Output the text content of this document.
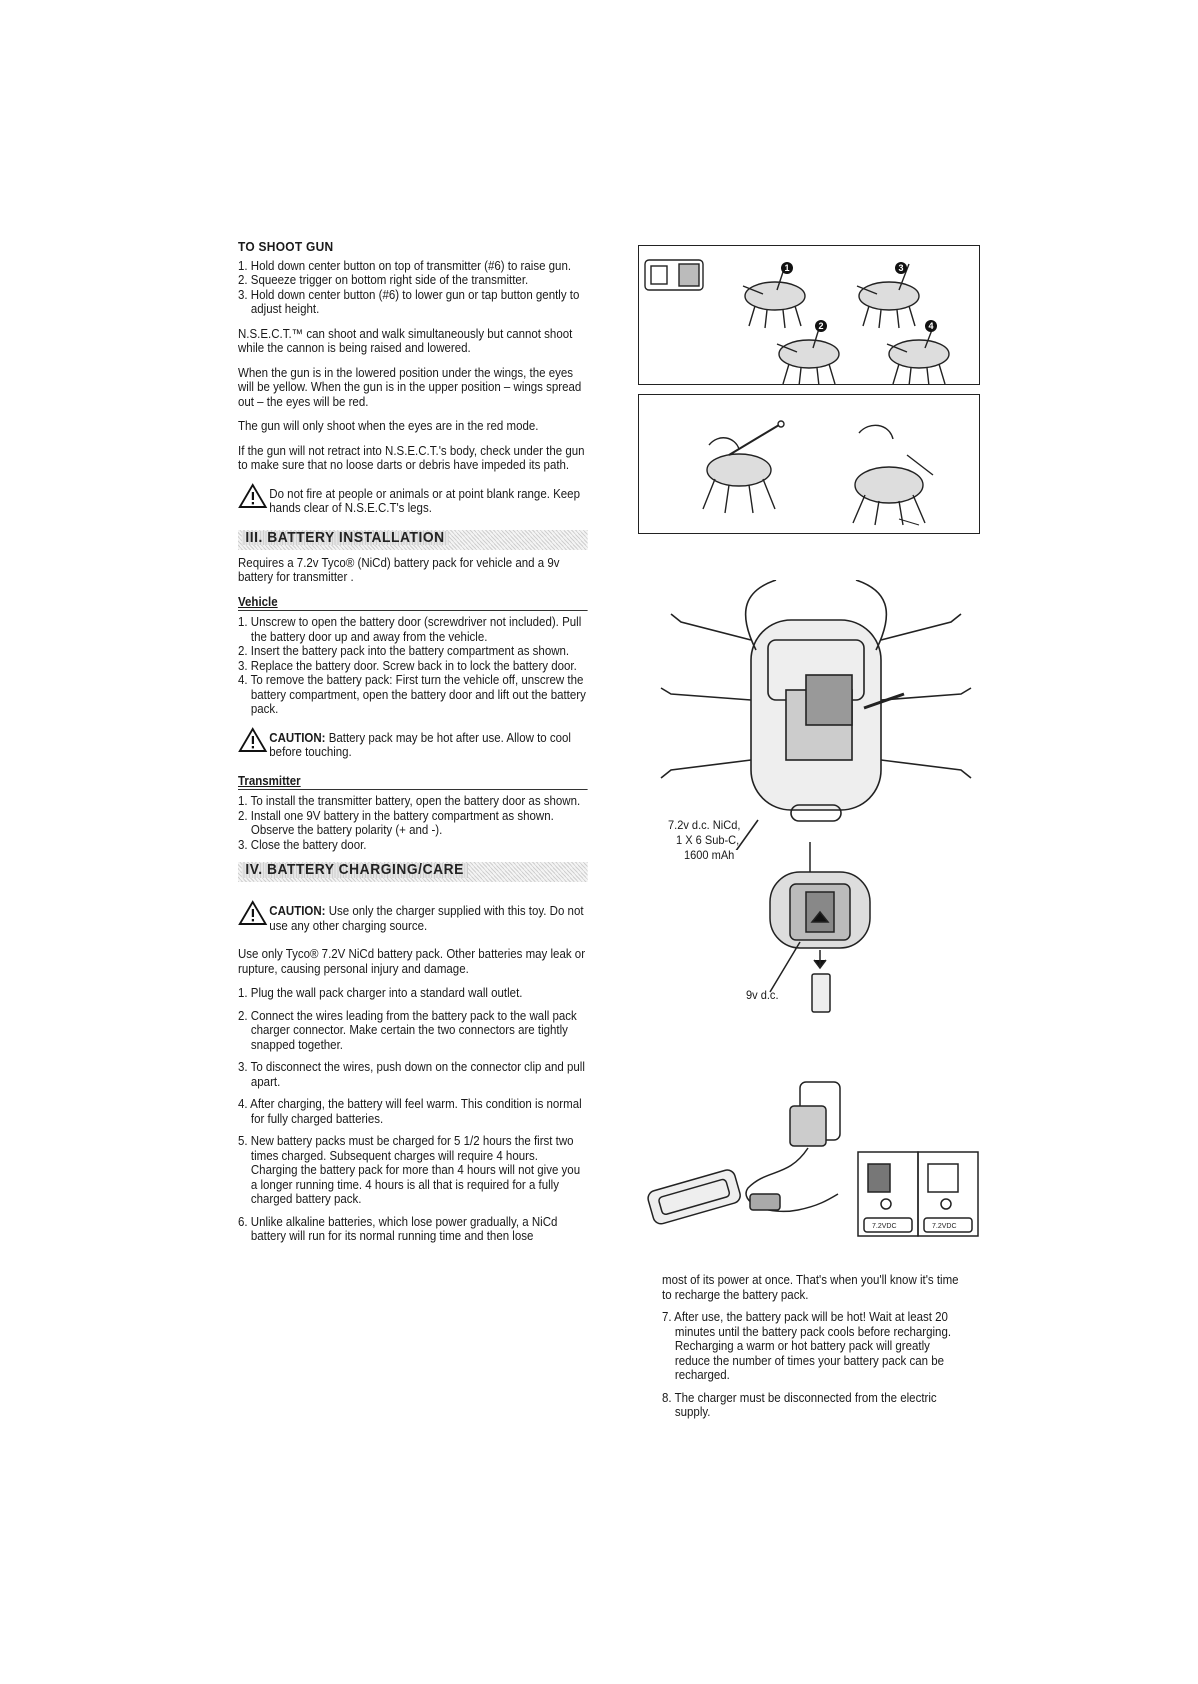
TO SHOOT GUN
1. Hold down center button on top of transmitter (#6) to raise gun.
2. Squeeze trigger on bottom right side of the transmitter.
3. Hold down center button (#6) to lower gun or tap button gently to adjust height.

N.S.E.C.T.™ can shoot and walk simultaneously but cannot shoot while the cannon is being raised and lowered.

When the gun is in the lowered position under the wings, the eyes will be yellow. When the gun is in the upper position – wings spread out – the eyes will be red.

The gun will only shoot when the eyes are in the red mode.

If the gun will not retract into N.S.E.C.T.'s body, check under the gun to make sure that no loose darts or debris have impeded its path.

Do not fire at people or animals or at point blank range. Keep hands clear of N.S.E.C.T's legs.
III. BATTERY INSTALLATION

Requires a 7.2v Tyco® (NiCd) battery pack for vehicle and a 9v battery for transmitter .

Vehicle
1. Unscrew to open the battery door (screwdriver not included). Pull the battery door up and away from the vehicle.
2. Insert the battery pack into the battery compartment as shown.
3. Replace the battery door. Screw back in to lock the battery door.
4. To remove the battery pack: First turn the vehicle off, unscrew the battery compartment, open the battery door and lift out the battery pack.
CAUTION: Battery pack may be hot after use. Allow to cool before touching.
Transmitter
1. To install the transmitter battery, open the battery door as shown.
2. Install one 9V battery in the battery compartment as shown. Observe the battery polarity (+ and -).
3. Close the battery door.
IV. BATTERY CHARGING/CARE
CAUTION: Use only the charger supplied with this toy. Do not use any other charging source.

Use only Tyco® 7.2V NiCd battery pack. Other batteries may leak or rupture, causing personal injury and damage.

1. Plug the wall pack charger into a standard wall outlet.
2. Connect the wires leading from the battery pack to the wall pack charger connector. Make certain the two connectors are tightly snapped together.
3. To disconnect the wires, push down on the connector clip and pull apart.
4. After charging, the battery will feel warm. This condition is normal for fully charged batteries.
5. New battery packs must be charged for 5 1/2 hours the first two times charged. Subsequent charges will require 4 hours. Charging the battery pack for more than 4 hours will not give you a longer running time. 4 hours is all that is required for a fully charged battery pack.
6. Unlike alkaline batteries, which lose power gradually, a NiCd battery will run for its normal running time and then lose
1	3
2	4
7.2v d.c. NiCd,
1 X 6 Sub-C,
1600 mAh
9v d.c.
7.2VDC	7.2VDC

most of its power at once. That's when you'll know it's time to recharge the battery pack.

7. After use, the battery pack will be hot! Wait at least 20 minutes until the battery pack cools before recharging. Recharging a warm or hot battery pack will greatly reduce the number of times your battery pack can be recharged.
8. The charger must be disconnected from the electric supply.
